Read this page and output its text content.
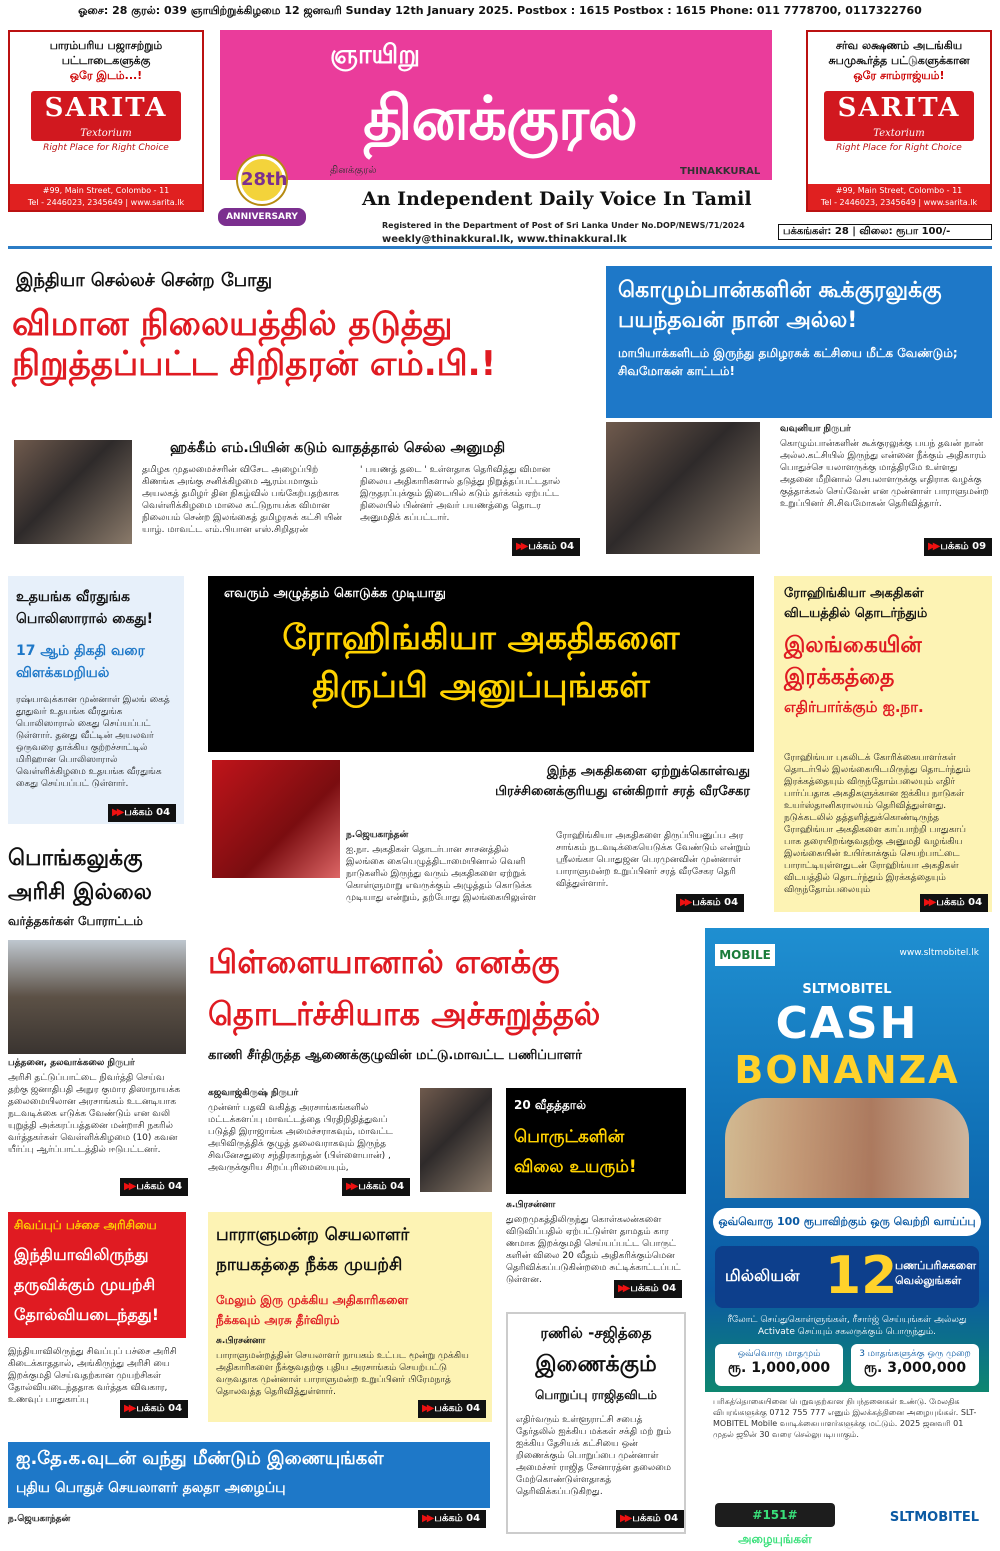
ஓசை: 28 குரல்: 039 ஞாயிற்றுக்கிழமை 12 ஜனவரி Sunday 12th January 2025. Postbox : 1615 Postbox : 1615 Phone: 011 7778700, 0117322760
பாரம்பரிய பஜாசற்றும்
பட்டாடைகளுக்கு
ஒரே இடம்...!
SARITA
Textorium
Right Place for Right Choice
#99, Main Street, Colombo - 11
Tel - 2446023, 2345649 | www.sarita.lk
சர்வ லக்ஷணம் அடங்கிய
சுபமுகூர்த்த பட்டுகளுக்கான
ஒரே சாம்ராஜ்யம்!
SARITA
Textorium
Right Place for Right Choice
#99, Main Street, Colombo - 11
Tel - 2446023, 2345649 | www.sarita.lk
ஞாயிறு
தினக்குரல்
தினக்குரல்	THINAKKURAL
28th
ANNIVERSARY
An Independent Daily Voice In Tamil
Registered in the Department of Post of Sri Lanka Under No.DOP/NEWS/71/2024
weekly@thinakkural.lk, www.thinakkural.lk
பக்கங்கள்: 28 | விலை: ரூபா 100/-
இந்தியா செல்லச் சென்ற போது
விமான நிலையத்தில் தடுத்து
நிறுத்தப்பட்ட சிறிதரன் எம்.பி.!
ஹக்கீம் எம்.பியின் கடும் வாதத்தால் செல்ல அனுமதி
தமிழக முதலமைச்சரின் விசேட அழைப்பிற் கிணங்க அங்கு சனிக்கிழமை ஆரம்பமாகும் அயலகத் தமிழர் தின நிகழ்வில் பங்கேற்பதற்காக வெள்ளிக்கிழமை மாலை கட்டுநாயக்க விமான நிலையம் சென்ற இலங்கைத் தமிழரசுக் கட்சி யின் யாழ். மாவட்ட எம்.பியான எஸ்.சிறிதரன்
' பயணத் தடை ' உள்ளதாக தெரிவித்து விமான நிலைய அதிகாரிகளால் தடுத்து நிறுத்தப்பட்டதால் இருதரப்புக்கும் இடையில் கடும் தர்க்கம் ஏற்பட்ட நிலையில் பின்னர் அவர் பயணத்தை தொடர அனுமதிக் கப்பட்டார்.
▶▶ பக்கம் 04
கொழும்பான்களின் கூக்குரலுக்கு
பயந்தவன் நான் அல்ல!
மாபியாக்களிடம் இருந்து தமிழரசுக் கட்சியை மீட்க வேண்டும்; சிவமோகன் காட்டம்!
வவுனியா நிருபர்
கொழும்பான்களின் கூக்குரலுக்கு பயந் தவன் நான் அல்ல.கட்சியில் இருந்து என்னை நீக்கும் அதிகாரம் பொதுச்செ யலாளருக்கு மாத்திரமே உள்ளது அதனை மீறினால் செயலாளருக்கு எதிராக வழக்கு குத்தாக்கல் செய்வேன் என முன்னாள் பாராளுமன்ற உறுப்பினர் சி.சிவமோகன் தெரிவித்தார்.
▶▶ பக்கம் 09
உதயங்க வீரதுங்க
பொலிஸாரால் கைது!
17 ஆம் திகதி வரை
விளக்கமறியல்
ரஷ்யாவுக்கான முன்னாள் இலங் கைத் தூதுவர் உதயங்க வீரதுங்க பொலிஸாரால் கைது செய்யப்பட் டுள்ளார். தனது வீட்டின் அயலவர் ஒருவரை தாக்கிய குற்றச்சாட்டில் மிரிஹான பொலிஸாரால் வெள்ளிக்கிழமை உதயங்க வீரதுங்க கைது செய்யப்பட் டுள்ளார்.
▶▶ பக்கம் 04
எவரும் அழுத்தம் கொடுக்க முடியாது
ரோஹிங்கியா அகதிகளை
திருப்பி அனுப்புங்கள்
இந்த அகதிகளை ஏற்றுக்கொள்வது
பிரச்சினைக்குரியது என்கிறார் சரத் வீரசேகர
ந.ஜெயகாந்தன்
ஐ.நா. அகதிகள் தொடர்பான சாசனத்தில் இலங்கை கையெழுத்திடாமையினால் வெளி நாடுகளில் இருந்து வரும் அகதிகளை ஏற்றுக் கொள்ளுமாறு எவருக்கும் அழுத்தம் கொடுக்க முடியாது என்றும், தற்போது இலங்கையிலுள்ள
ரோஹிங்கியா அகதிகளை திருப்பியனுப்ப அர சாங்கம் நடவடிக்கையெடுக்க வேண்டும் என்றும் ஸ்ரீலங்கா பொதுஜன பெரமுனவின் முன்னாள் பாராளுமன்ற உறுப்பினர் சரத் வீரசேகர தெரி வித்துள்ளார்.
▶▶ பக்கம் 04
ரோஹிங்கியா அகதிகள்
விடயத்தில் தொடர்ந்தும்
இலங்கையின்
இரக்கத்தை
எதிர்பார்க்கும் ஐ.நா.
ரோஹிங்யா புகலிடக் கோரிக்கையாளர்கள் தொடர்பில் இலங்கையிடமிருந்து தொடர்ந்தும் இரக்கத்தையும் விருந்தோம்பலையும் எதிர் பார்ப்பதாக அகதிகளுக்கான ஐக்கிய நாடுகள் உயர்ஸ்தானிகராலயம் தெரிவித்துள்ளது. நடுக்கடலில் தத்தளித்துக்கொண்டிருந்த ரோஹிங்யா அகதிகளை காப்பாற்றி பாதுகாப் பாக தரையிறங்குவதற்கு அனுமதி வழங்கிய இலங்கையின் உயிர்காக்கும் செயற்பாட்டை பாராட்டியுள்ளதுடன் ரோஹிங்யா அகதிகள் விடயத்தில் தொடர்ந்தும் இரக்கத்தையும் விருந்தோம்பலையும்
▶▶ பக்கம் 04
பொங்கலுக்கு
அரிசி இல்லை
வர்த்தகர்கள் போராட்டம்
பத்தனை, தலவாக்கலை நிருபர்
அரிசி தட்டுப்பாட்டை நிவர்த்தி செய்வ தற்கு ஜனாதிபதி அநுர குமார திஸாநாயக்க தலைமையிலான அரசாங்கம் உடனடியாக நடவடிக்கை எடுக்க வேண்டும் என வலி யுறுத்தி அக்கரப்பத்தனை மன்றாசி நகரில் வர்த்தகர்கள் வெள்ளிக்கிழமை (10) கவன யீர்ப்பு ஆர்ப்பாட்டத்தில் ஈடுபட்டனர்.
▶▶ பக்கம் 04
பிள்ளையானால் எனக்கு
தொடர்ச்சியாக அச்சுறுத்தல்
காணி சீர்திருத்த ஆணைக்குழுவின் மட்டு.மாவட்ட பணிப்பாளர்
கஜவாஜ்கிருஷ் நிருபர்
முன்னர் பதவி வகித்த அரசாங்கங்களில் மட்டக்களப்பு மாவட்டத்தை பிரதிநிதித்துவப் படுத்தி இராஜாங்க அமைச்சராகவும், மாவட்ட அபிவிருத்திக் குழுத் தலைவராகவும் இருந்த சிவனேசதுரை சந்திரகாந்தன் (பிள்ளையான்) , அவருக்குரிய சிறப்புரிமையையும்,
▶▶ பக்கம் 04
20 வீதத்தால்
பொருட்களின்
விலை உயரும்!
சு.பிரசன்னா
துறைமுகத்திலிருந்து கொள்கலன்களை விடுவிப்பதில் ஏற்பட்டுள்ள தாமதம் கார ணமாக இறக்குமதி செய்யப்பட்ட பொருட் களின் விலை 20 வீதம் அதிகரிக்கும்மென தெரிவிக்கப்படுகின்றமை சுட்டிக்காட்டப்பட் டுள்ளன.
▶▶ பக்கம் 04
சிவப்புப் பச்சை அரிசியை
இந்தியாவிலிருந்து
தருவிக்கும் முயற்சி
தோல்வியடைந்தது!
இந்தியாவிலிருந்து சிவப்புப் பச்சை அரிசி கிடைக்காததால், அங்கிருந்து அரிசி யை இறக்குமதி செய்வதற்கான முயற்சிகள் தோல்வியடைந்ததாக வர்த்தக விவகார, உணவுப் பாதுகாப்பு
▶▶ பக்கம் 04
பாராளுமன்ற செயலாளர்
நாயகத்தை நீக்க முயற்சி
மேலும் இரு முக்கிய அதிகாரிகளை
நீக்கவும் அரசு தீர்விரம்
சு.பிரசன்னா
பாராளுமன்றத்தின் செயலாளர் நாயகம் உட்பட மூன்று முக்கிய அதிகாரிகளை நீக்குவதற்கு புதிய அரசாங்கம் செயற்பட்டு வருவதாக முன்னாள் பாராளுமன்ற உறுப்பினர் பிரேமநாத் தொலவத்த தெரிவித்துள்ளார்.
▶▶ பக்கம் 04
ரணில் -சஜித்தை
இணைக்கும்
பொறுப்பு ராஜிதவிடம்
எதிர்வரும் உள்ளூராட்சி சபைத் தேர்தலில் ஐக்கிய மக்கள் சக்தி மற் றும் ஐக்கிய தேசியக் கட்சியை ஒன் றிணைக்கும் பொறுப்பை முன்னாள் அமைச்சர் ராஜித சேனாரத்ன தலைமை மேற்கொண்டுள்ளதாகத் தெரிவிக்கப்படுகிறது.
▶▶ பக்கம் 04
ஐ.தே.க.வுடன் வந்து மீண்டும் இணையுங்கள்
புதிய பொதுச் செயலாளர் தலதா அழைப்பு
ந.ஜெயகாந்தன்	▶▶ பக்கம் 04
MOBILE	www.sltmobitel.lk
SLTMOBITEL
CASH
BONANZA
ஒவ்வொரு 100 ரூபாவிற்கும் ஒரு வெற்றி வாய்ப்பு
மில்லியன் 12
பணப்பரிசுகளை வெல்லுங்கள்
ரீலோட் செய்துகொள்ளுங்கள், ரீசார்ஜ் செய்யுங்கள் அல்லது Activate செய்யும் சகலருக்கும் பொருந்தும்.
ஒவ்வொரு மாதமும்
ரூ. 1,000,000
3 மாதங்களுக்கு ஒரு முறை
ரூ. 3,000,000
பரிசுத்தொகையினை பெறுவதற்கான நிபந்தனைகள் உண்டு. மேலதிக விபரங்களுக்கு 0712 755 777 எனும் இலக்கத்தினை அழையுங்கள். SLT-MOBITEL Mobile வாடிக்கையாளர்களுக்கு மட்டும். 2025 ஜனவரி 01 முதல் ஜூன் 30 வரை செல்லுபடியாகும்.
#151# அழையுங்கள்
SLTMOBITEL
